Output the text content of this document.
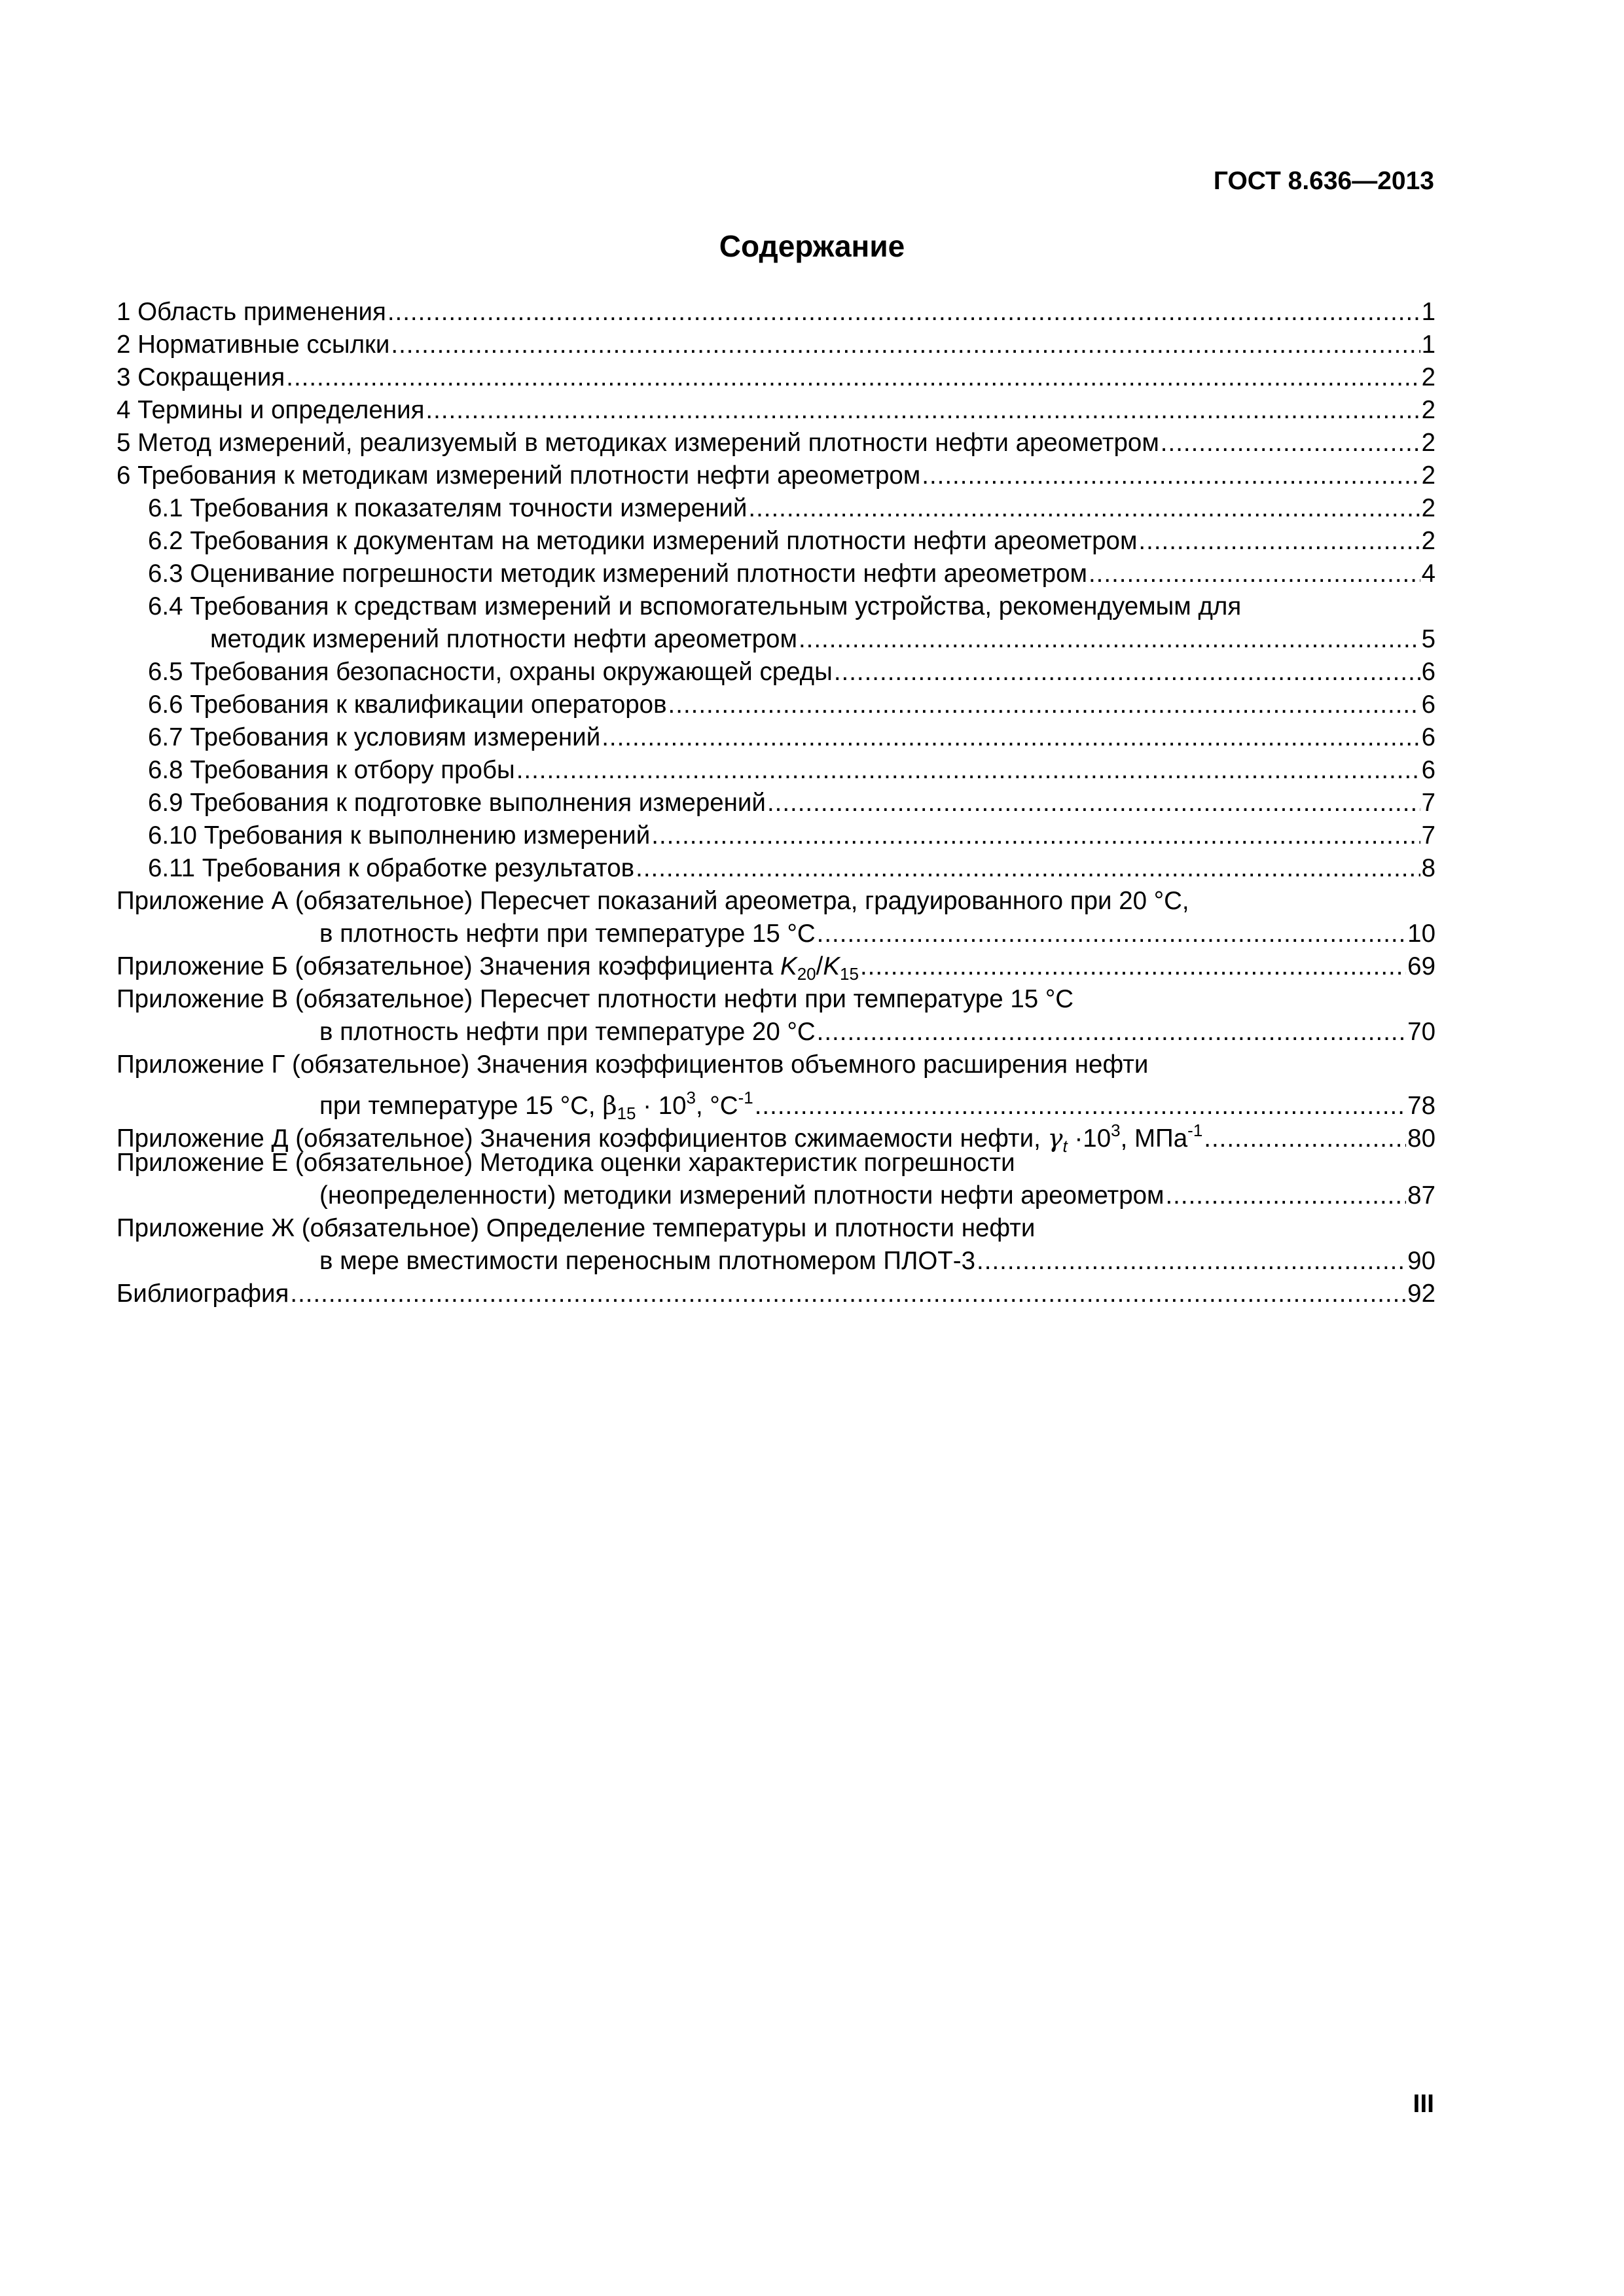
ГОСТ 8.636—2013
Содержание
1 Область применения .....	1
2 Нормативные ссылки .....	1
3 Сокращения .....	2
4 Термины и определения .....	2
5 Метод измерений, реализуемый в методиках измерений плотности нефти ареометром .....	2
6 Требования к методикам измерений плотности нефти ареометром .....	2
6.1 Требования к показателям точности измерений .....	2
6.2 Требования к документам на методики измерений плотности нефти ареометром .....	2
6.3 Оценивание погрешности методик измерений плотности нефти ареометром .....	4
6.4 Требования к средствам измерений и вспомогательным устройства, рекомендуемым для
методик измерений плотности нефти ареометром .....	5
6.5 Требования безопасности, охраны окружающей среды .....	6
6.6 Требования к квалификации операторов .....	6
6.7 Требования к условиям измерений .....	6
6.8 Требования к отбору пробы .....	6
6.9 Требования к подготовке выполнения измерений .....	7
6.10 Требования к выполнению измерений .....	7
6.11 Требования к обработке результатов .....	8
Приложение А (обязательное) Пересчет показаний ареометра, градуированного при 20 °С,
в плотность нефти при температуре 15 °С .....	10
Приложение Б (обязательное) Значения коэффициента $K_{20}/K_{15}$ .....	69
Приложение В (обязательное) Пересчет плотности нефти при температуре 15 °С
в плотность нефти при температуре 20 °С .....	70
Приложение Г (обязательное) Значения коэффициентов объемного расширения нефти
при температуре 15 °С, $\beta_{15} \cdot 10^3$, $^\circ С^{-1}$ .....	78
Приложение Д (обязательное) Значения коэффициентов сжимаемости нефти, $\gamma_t \cdot 10^3$, МПа$^{-1}$ .....	80
Приложение Е (обязательное) Методика оценки характеристик погрешности
(неопределенности) методики измерений плотности нефти ареометром .....	87
Приложение Ж (обязательное) Определение температуры и плотности нефти
в мере вместимости переносным плотномером ПЛОТ-3 .....	90
Библиография .....	92
III
